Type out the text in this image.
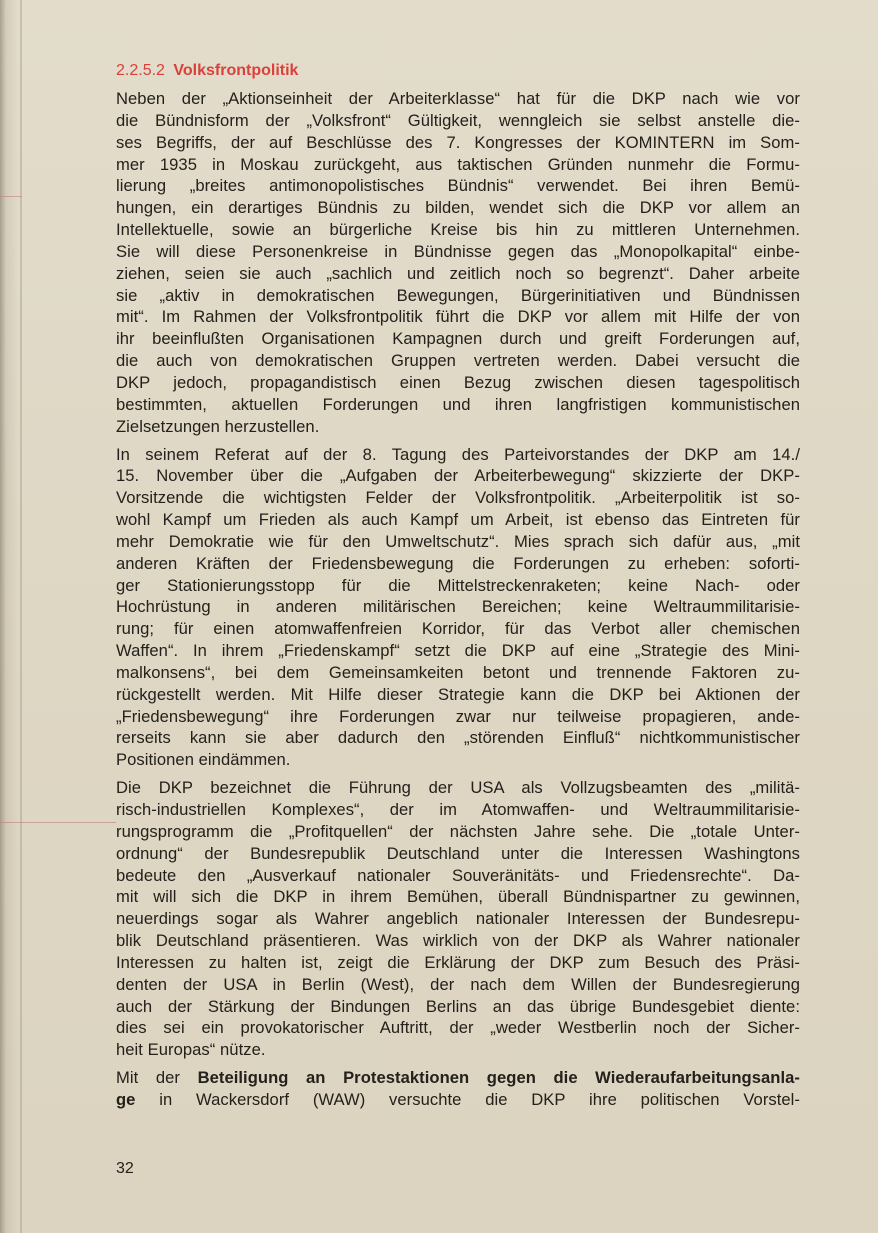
2.2.5.2 Volksfrontpolitik
Neben der „Aktionseinheit der Arbeiterklasse“ hat für die DKP nach wie vor
die Bündnisform der „Volksfront“ Gültigkeit, wenngleich sie selbst anstelle die-
ses Begriffs, der auf Beschlüsse des 7. Kongresses der KOMINTERN im Som-
mer 1935 in Moskau zurückgeht, aus taktischen Gründen nunmehr die Formu-
lierung „breites antimonopolistisches Bündnis“ verwendet. Bei ihren Bemü-
hungen, ein derartiges Bündnis zu bilden, wendet sich die DKP vor allem an
Intellektuelle, sowie an bürgerliche Kreise bis hin zu mittleren Unternehmen.
Sie will diese Personenkreise in Bündnisse gegen das „Monopolkapital“ einbe-
ziehen, seien sie auch „sachlich und zeitlich noch so begrenzt“. Daher arbeite
sie „aktiv in demokratischen Bewegungen, Bürgerinitiativen und Bündnissen
mit“. Im Rahmen der Volksfrontpolitik führt die DKP vor allem mit Hilfe der von
ihr beeinflußten Organisationen Kampagnen durch und greift Forderungen auf,
die auch von demokratischen Gruppen vertreten werden. Dabei versucht die
DKP jedoch, propagandistisch einen Bezug zwischen diesen tagespolitisch
bestimmten, aktuellen Forderungen und ihren langfristigen kommunistischen
Zielsetzungen herzustellen.
In seinem Referat auf der 8. Tagung des Parteivorstandes der DKP am 14./
15. November über die „Aufgaben der Arbeiterbewegung“ skizzierte der DKP-
Vorsitzende die wichtigsten Felder der Volksfrontpolitik. „Arbeiterpolitik ist so-
wohl Kampf um Frieden als auch Kampf um Arbeit, ist ebenso das Eintreten für
mehr Demokratie wie für den Umweltschutz“. Mies sprach sich dafür aus, „mit
anderen Kräften der Friedensbewegung die Forderungen zu erheben: soforti-
ger Stationierungsstopp für die Mittelstreckenraketen; keine Nach- oder
Hochrüstung in anderen militärischen Bereichen; keine Weltraummilitarisie-
rung; für einen atomwaffenfreien Korridor, für das Verbot aller chemischen
Waffen“. In ihrem „Friedenskampf“ setzt die DKP auf eine „Strategie des Mini-
malkonsens“, bei dem Gemeinsamkeiten betont und trennende Faktoren zu-
rückgestellt werden. Mit Hilfe dieser Strategie kann die DKP bei Aktionen der
„Friedensbewegung“ ihre Forderungen zwar nur teilweise propagieren, ande-
rerseits kann sie aber dadurch den „störenden Einfluß“ nichtkommunistischer
Positionen eindämmen.
Die DKP bezeichnet die Führung der USA als Vollzugsbeamten des „militä-
risch-industriellen Komplexes“, der im Atomwaffen- und Weltraummilitarisie-
rungsprogramm die „Profitquellen“ der nächsten Jahre sehe. Die „totale Unter-
ordnung“ der Bundesrepublik Deutschland unter die Interessen Washingtons
bedeute den „Ausverkauf nationaler Souveränitäts- und Friedensrechte“. Da-
mit will sich die DKP in ihrem Bemühen, überall Bündnispartner zu gewinnen,
neuerdings sogar als Wahrer angeblich nationaler Interessen der Bundesrepu-
blik Deutschland präsentieren. Was wirklich von der DKP als Wahrer nationaler
Interessen zu halten ist, zeigt die Erklärung der DKP zum Besuch des Präsi-
denten der USA in Berlin (West), der nach dem Willen der Bundesregierung
auch der Stärkung der Bindungen Berlins an das übrige Bundesgebiet diente:
dies sei ein provokatorischer Auftritt, der „weder Westberlin noch der Sicher-
heit Europas“ nütze.
Mit der Beteiligung an Protestaktionen gegen die Wiederaufarbeitungsanla-
ge in Wackersdorf (WAW) versuchte die DKP ihre politischen Vorstel-
32
